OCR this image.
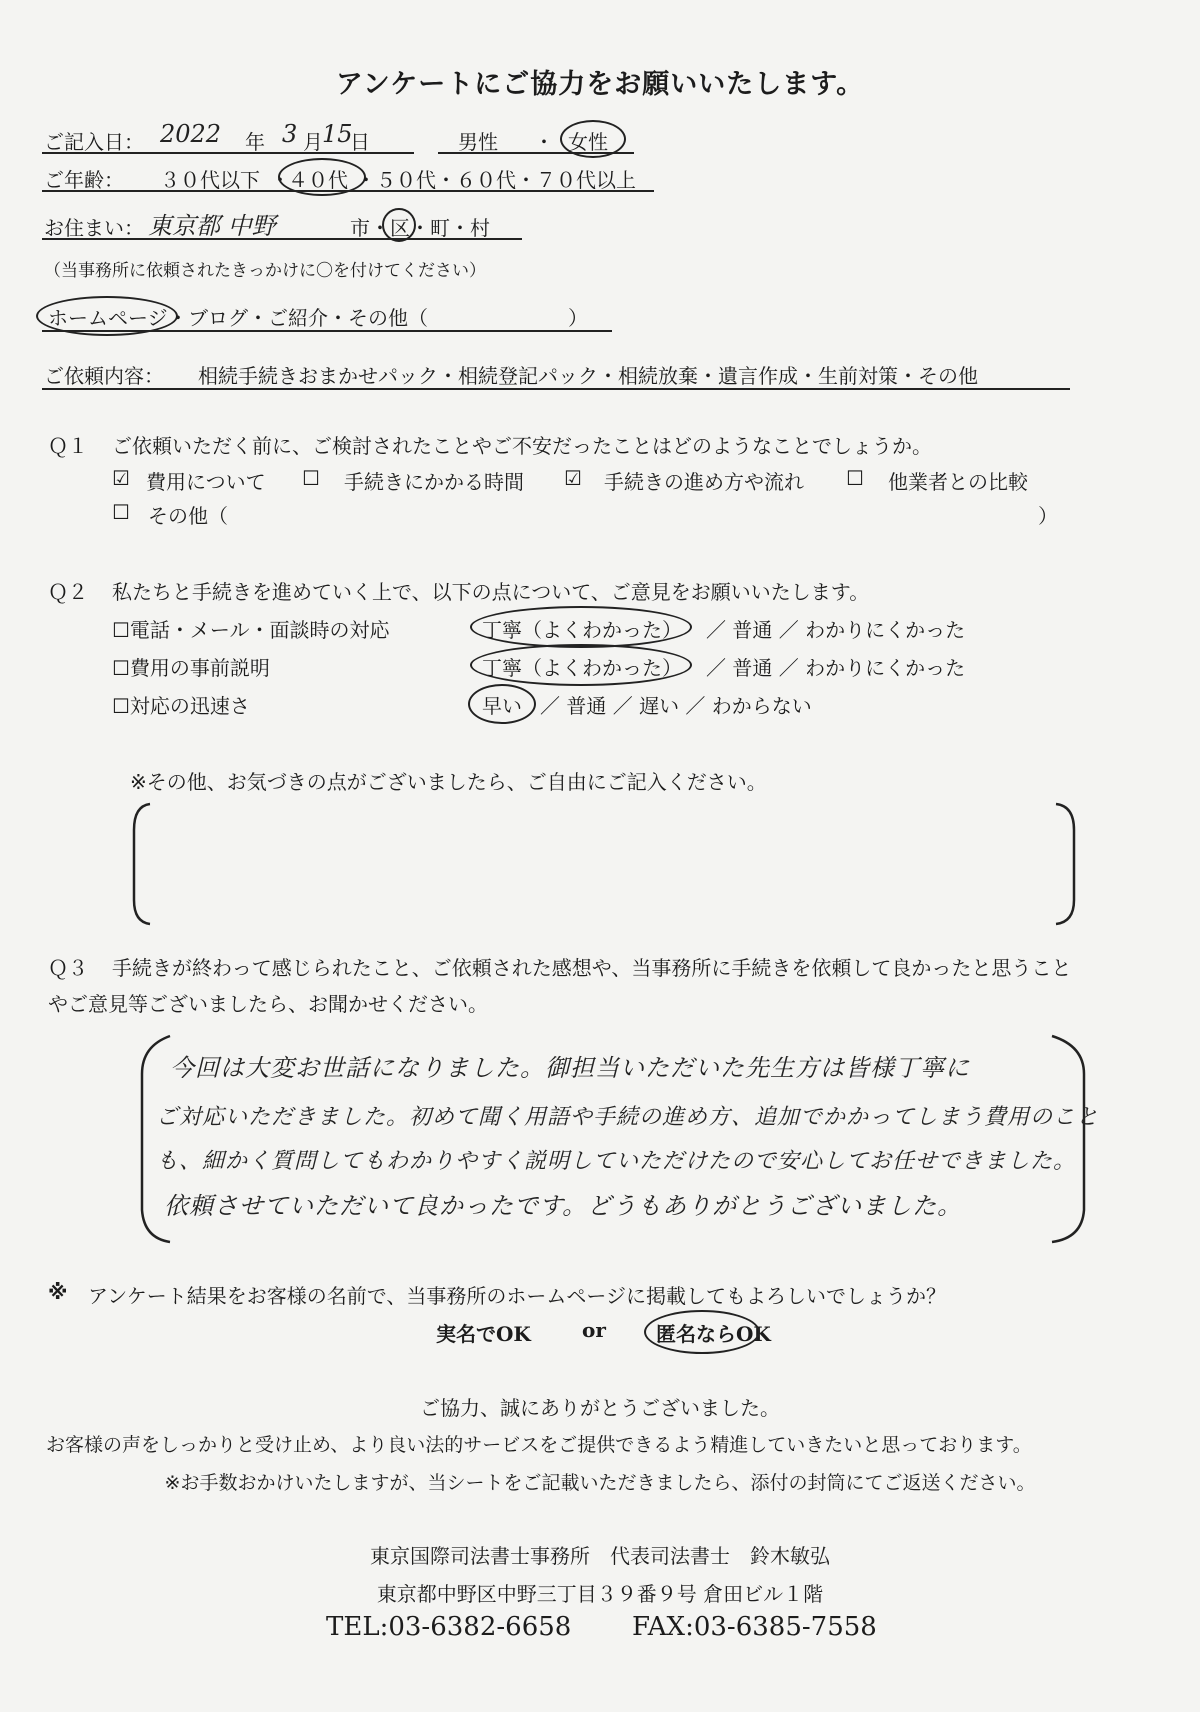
アンケートにご協力をお願いいたします。
ご記入日： 2022 年 3 月 15
日	男性 ・ 女性
ご年齢： ３０代以下 ・
４０代 ・５０代・６０代・７０代以上
お住まい： 東京都 中野	市・区・町・村
（当事務所に依頼されたきっかけに〇を付けてください）
ホームページ ・ブログ・ご紹介・その他（　　　　　　　）
ご依頼内容： 相続手続きおまかせパック・相続登記パック・相続放棄・遺言作成・生前対策・その他
Ｑ１ ご依頼いただく前に、ご検討されたことやご不安だったことはどのようなことでしょうか。
☑ 費用について ☐ 手続きにかかる時間 ☑ 手続きの進め方や流れ ☐ 他業者との比較
☐ その他（	）
Ｑ２ 私たちと手続きを進めていく上で、以下の点について、ご意見をお願いいたします。
☐電話・メール・面談時の対応	丁寧（よくわかった） ／ 普通 ／ わかりにくかった
☐費用の事前説明	丁寧（よくわかった） ／ 普通 ／ わかりにくかった
☐対応の迅速さ	早い ／ 普通 ／ 遅い ／ わからない
※その他、お気づきの点がございましたら、ご自由にご記入ください。
Ｑ３ 手続きが終わって感じられたこと、ご依頼された感想や、当事務所に手続きを依頼して良かったと思うこと
やご意見等ございましたら、お聞かせください。
今回は大変お世話になりました。御担当いただいた先生方は皆様丁寧に
ご対応いただきました。初めて聞く用語や手続の進め方、追加でかかってしまう費用のこと
も、細かく質問してもわかりやすく説明していただけたので安心してお任せできました。
依頼させていただいて良かったです。どうもありがとうございました。
※ アンケート結果をお客様の名前で、当事務所のホームページに掲載してもよろしいでしょうか？
実名でOK	or	匿名ならOK
ご協力、誠にありがとうございました。
お客様の声をしっかりと受け止め、より良い法的サービスをご提供できるよう精進していきたいと思っております。
※お手数おかけいたしますが、当シートをご記載いただきましたら、添付の封筒にてご返送ください。
東京国際司法書士事務所　代表司法書士　鈴木敏弘
東京都中野区中野三丁目３９番９号 倉田ビル１階
TEL:03-6382-6658 FAX:03-6385-7558
